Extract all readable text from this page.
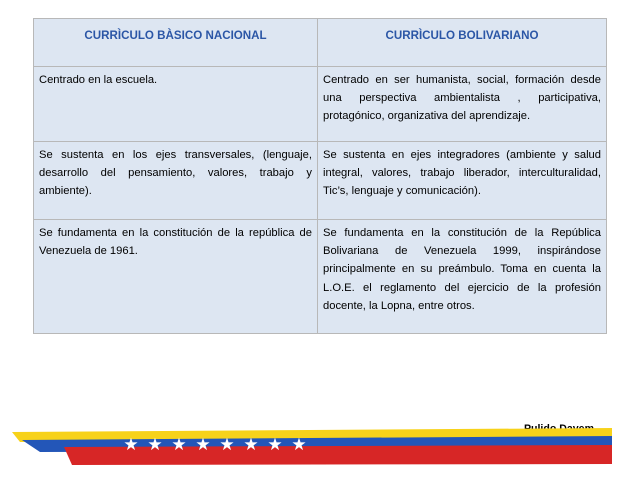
CURRÌCULO BÀSICO NACIONAL	CURRÌCULO BOLIVARIANO
Centrado en la escuela.	Centrado en ser humanista, social, formación desde una perspectiva ambientalista , participativa, protagónico, organizativa del aprendizaje.
Se sustenta en los ejes transversales, (lenguaje, desarrollo del pensamiento, valores, trabajo y ambiente).	Se sustenta en ejes integradores (ambiente y salud integral, valores, trabajo liberador, interculturalidad, Tic’s, lenguaje y comunicación).
Se fundamenta en la constitución de la república de Venezuela de 1961.	Se fundamenta en la constitución de la República Bolivariana de Venezuela 1999, inspirándose principalmente en su preámbulo. Toma en cuenta la L.O.E. el reglamento del ejercicio de la profesión docente, la Lopna, entre otros.
★ ★ ★ ★ ★ ★ ★ ★
